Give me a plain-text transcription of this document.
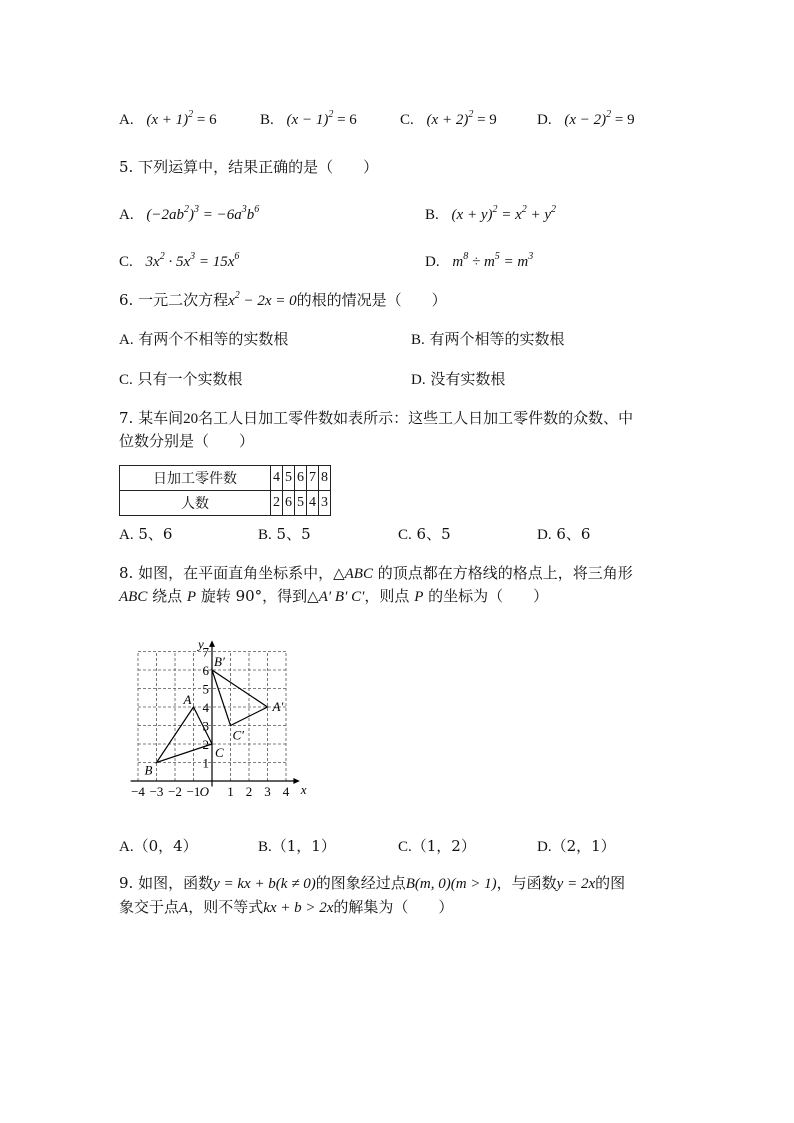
A. $(x + 1)^2 = 6$	B. $(x - 1)^2 = 6$	C. $(x + 2)^2 = 9$	D. $(x - 2)^2 = 9$
5. 下列运算中，结果正确的是（　　）
A. $(-2ab^2)^3 = -6a^3b^6$	B. $(x + y)^2 = x^2 + y^2$
C. $3x^2 \cdot 5x^3 = 15x^6$	D. $m^8 \div m^5 = m^3$
6. 一元二次方程$x^2 - 2x = 0$的根的情况是（　　）
A. 有两个不相等的实数根	B. 有两个相等的实数根
C. 只有一个实数根	D. 没有实数根
7. 某车间20名工人日加工零件数如表所示：这些工人日加工零件数的众数、中
位数分别是（　　）
日加工零件数	4	5	6	7	8
人数	2	6	5	4	3
A. 5、6	B. 5、5	C. 6、5	D. 6、6
8. 如图，在平面直角坐标系中，△ABC 的顶点都在方格线的格点上，将三角形
ABC 绕点 P 旋转 90°，得到△A′ B′ C′，则点 P 的坐标为（　　）
−4 −3 −2 −1 1 2 3 4
1
2
3
4
5
6
7
O	x
y
A
B
C
A′
B′
C′
A.（0，4）	B.（1，1）	C.（1，2）	D.（2，1）
9. 如图，函数y = kx + b(k ≠ 0)的图象经过点B(m, 0)(m > 1)，与函数y = 2x的图
象交于点A，则不等式kx + b > 2x的解集为（　　）
